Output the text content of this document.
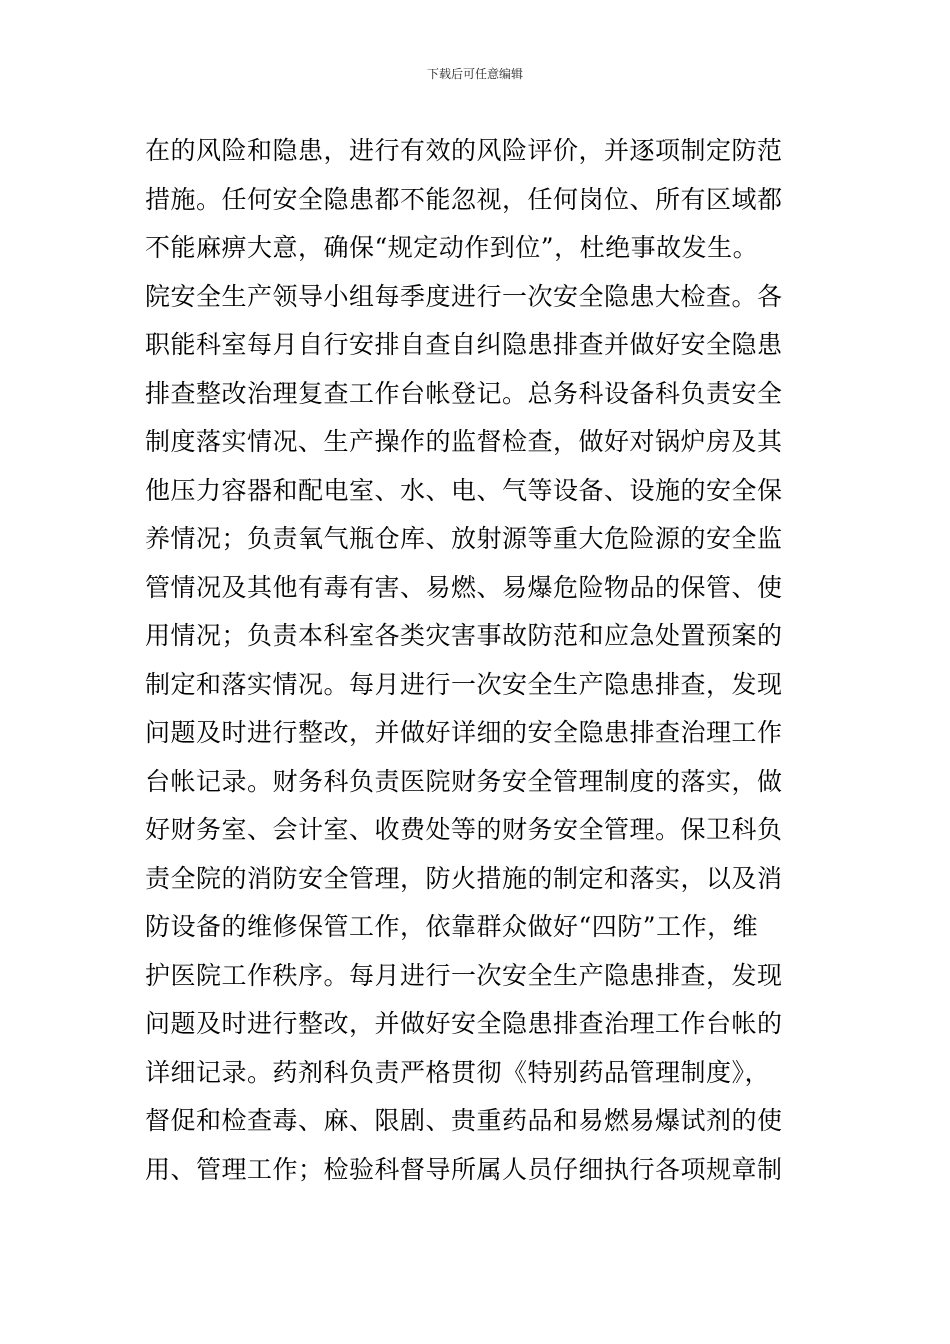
下载后可任意编辑
在的风险和隐患，进行有效的风险评价，并逐项制定防范
措施。任何安全隐患都不能忽视，任何岗位、所有区域都
不能麻痹大意，确保“规定动作到位”，杜绝事故发生。
院安全生产领导小组每季度进行一次安全隐患大检查。各
职能科室每月自行安排自查自纠隐患排查并做好安全隐患
排查整改治理复查工作台帐登记。总务科设备科负责安全
制度落实情况、生产操作的监督检查，做好对锅炉房及其
他压力容器和配电室、水、电、气等设备、设施的安全保
养情况；负责氧气瓶仓库、放射源等重大危险源的安全监
管情况及其他有毒有害、易燃、易爆危险物品的保管、使
用情况；负责本科室各类灾害事故防范和应急处置预案的
制定和落实情况。每月进行一次安全生产隐患排查，发现
问题及时进行整改，并做好详细的安全隐患排查治理工作
台帐记录。财务科负责医院财务安全管理制度的落实，做
好财务室、会计室、收费处等的财务安全管理。保卫科负
责全院的消防安全管理，防火措施的制定和落实，以及消
防设备的维修保管工作，依靠群众做好“四防”工作，维
护医院工作秩序。每月进行一次安全生产隐患排查，发现
问题及时进行整改，并做好安全隐患排查治理工作台帐的
详细记录。药剂科负责严格贯彻《特别药品管理制度》，
督促和检查毒、麻、限剧、贵重药品和易燃易爆试剂的使
用、管理工作；检验科督导所属人员仔细执行各项规章制
